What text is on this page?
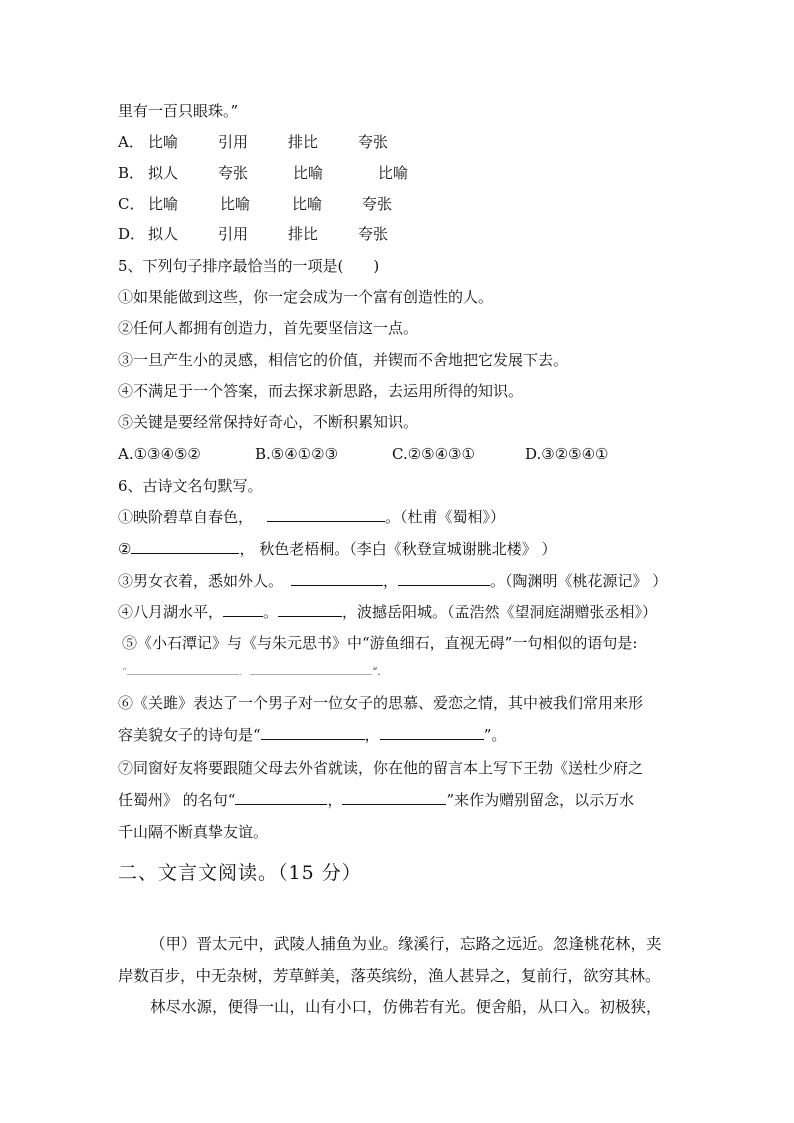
里有一百只眼珠。”
A． 比喻	引用	排比	夸张
B． 拟人	夸张	比喻	比喻
C． 比喻	比喻	比喻	夸张
D． 拟人	引用	排比	夸张
5、下列句子排序最恰当的一项是(　　)
①如果能做到这些，你一定会成为一个富有创造性的人。
②任何人都拥有创造力，首先要坚信这一点。
③一旦产生小的灵感，相信它的价值，并锲而不舍地把它发展下去。
④不满足于一个答案，而去探求新思路，去运用所得的知识。
⑤关键是要经常保持好奇心，不断积累知识。
A.①③④⑤②	B.⑤④①②③	C.②⑤④③①	D.③②⑤④①
6、古诗文名句默写。
①映阶碧草自春色，	。（杜甫《蜀相》）
②	， 秋色老梧桐。（李白《秋登宣城谢脁北楼》 ）
③男女衣着，悉如外人。	，	。（陶渊明《桃花源记》 ）
④八月湖水平，	。	，波撼岳阳城。（孟浩然《望洞庭湖赠张丞相》）
⑤《小石潭记》与《与朱元思书》中“游鱼细石，直视无碍”一句相似的语句是:
“	.	”.
⑥《关雎》表达了一个男子对一位女子的思慕、爱恋之情，其中被我们常用来形
容美貌女子的诗句是“	，	”。
⑦同窗好友将要跟随父母去外省就读，你在他的留言本上写下王勃《送杜少府之
任蜀州》 的名句“	，	”来作为赠别留念，以示万水
千山隔不断真挚友谊。
二、文言文阅读。（15 分）
（甲）晋太元中，武陵人捕鱼为业。缘溪行，忘路之远近。忽逢桃花林，夹
岸数百步，中无杂树，芳草鲜美，落英缤纷，渔人甚异之，复前行，欲穷其林。
林尽水源，便得一山，山有小口，仿佛若有光。便舍船，从口入。初极狭，
